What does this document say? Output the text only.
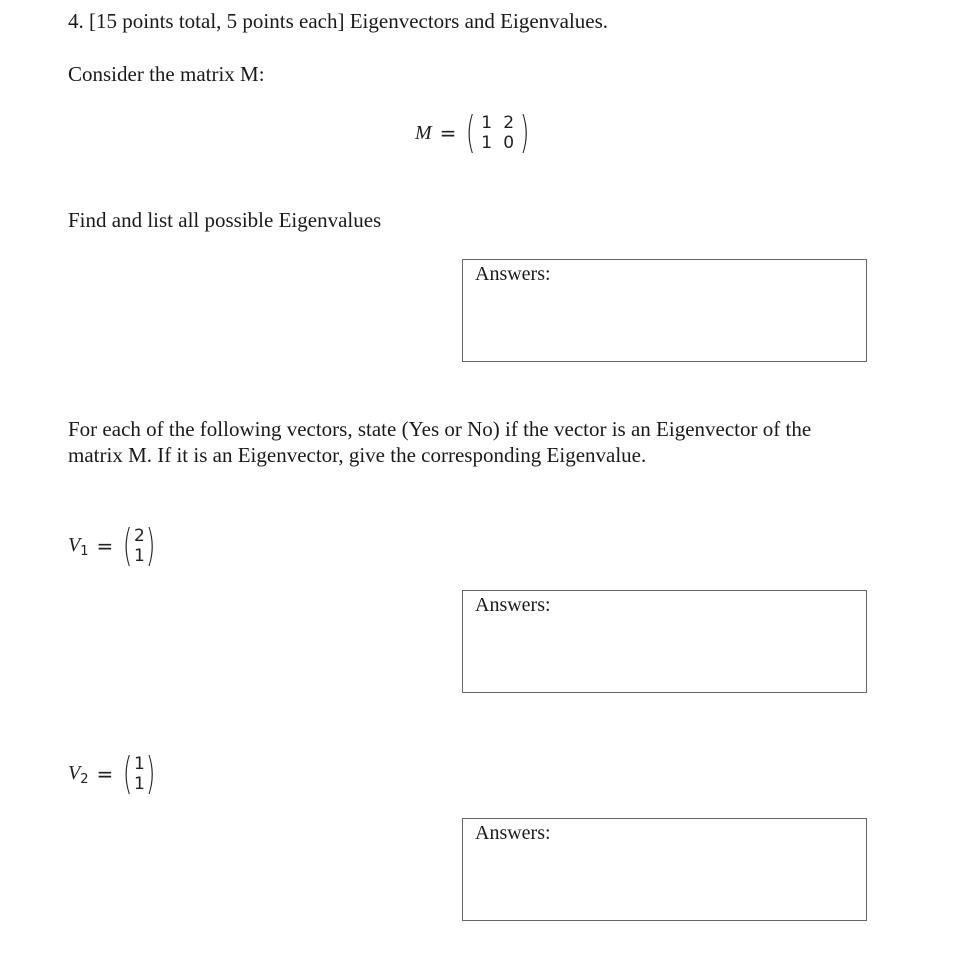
4. [15 points total, 5 points each] Eigenvectors and Eigenvalues.
Consider the matrix M:
M = ( 1 2
1 0 )
Find and list all possible Eigenvalues
Answers:
For each of the following vectors, state (Yes or No) if the vector is an Eigenvector of the
matrix M. If it is an Eigenvector, give the corresponding Eigenvalue.
$V_1$ = ( 2
1 )
Answers:
$V_2$ = ( 1
1 )
Answers:
